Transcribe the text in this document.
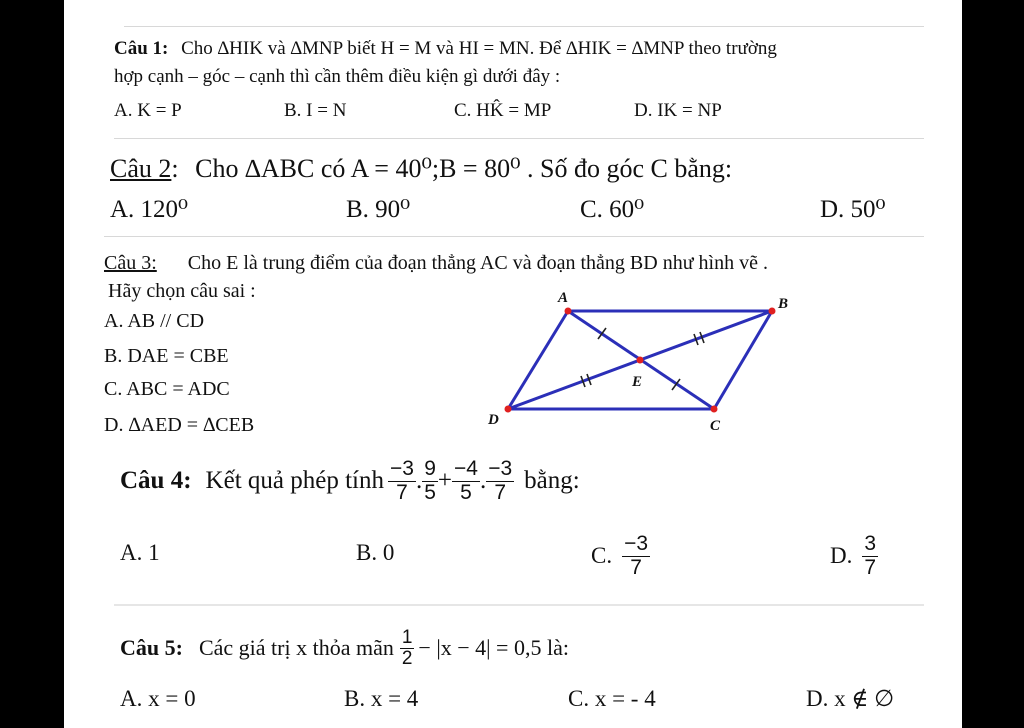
Câu 1: Cho ∆HIK và ∆MNP biết H = M và HI = MN. Để ∆HIK = ∆MNP theo trường
hợp cạnh – góc – cạnh thì cần thêm điều kiện gì dưới đây :
A. K = P	B. I = N	C. HK̂ = MP	D. IK = NP
Câu 2: Cho ∆ABC có A = 40⁰;B = 80⁰ . Số đo góc C bằng:
A. 120⁰	B. 90⁰	C. 60⁰	D. 50⁰
Câu 3: Cho E là trung điểm của đoạn thẳng AC và đoạn thẳng BD như hình vẽ .
Hãy chọn câu sai :
A. AB // CD
B. DAE = CBE
C. ABC = ADC
D. ∆AED = ∆CEB
A	B
C
D
E
Câu 4: Kết quả phép tính $\frac{-3}{7}$ . $\frac{9}{5} + \frac{-4}{5}$ . $\frac{-3}{7}$ bằng:
A. 1	B. 0	C. $\frac{-3}{7}$	D. $\frac{3}{7}$
Câu 5: Các giá trị x thỏa mãn $\frac{1}{2} - |x - 4| = 0,5$ là:
A. x = 0	B. x = 4	C. x = - 4	D. x ∉ ∅
